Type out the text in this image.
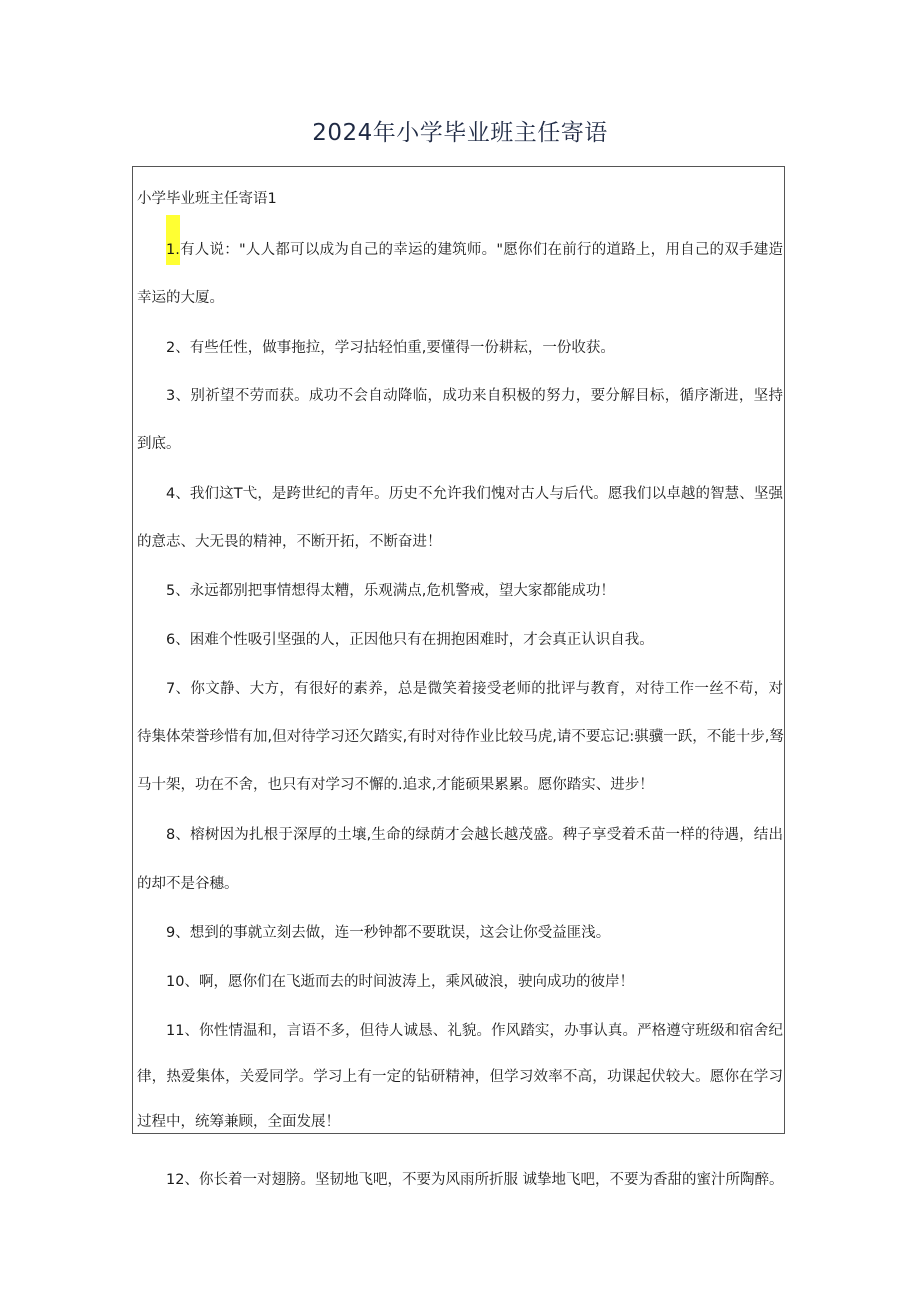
2024年小学毕业班主任寄语
小学毕业班主任寄语1
1.有人说："人人都可以成为自己的幸运的建筑师。"愿你们在前行的道路上，用自己的双手建造
幸运的大厦。
2、有些任性，做事拖拉，学习拈轻怕重,要懂得一份耕耘，一份收获。
3、别祈望不劳而获。成功不会自动降临，成功来自积极的努力，要分解目标，循序渐进，坚持
到底。
4、我们这T弋，是跨世纪的青年。历史不允许我们愧对古人与后代。愿我们以卓越的智慧、坚强
的意志、大无畏的精神，不断开拓，不断奋进！
5、永远都别把事情想得太糟，乐观满点,危机警戒，望大家都能成功！
6、困难个性吸引坚强的人，正因他只有在拥抱困难时，才会真正认识自我。
7、你文静、大方，有很好的素养，总是微笑着接受老师的批评与教育，对待工作一丝不苟，对
待集体荣誉珍惜有加,但对待学习还欠踏实,有时对待作业比较马虎,请不要忘记:骐骥一跃，不能十步,驽
马十架，功在不舍，也只有对学习不懈的.追求,才能硕果累累。愿你踏实、进步！
8、榕树因为扎根于深厚的土壤,生命的绿荫才会越长越茂盛。稗子享受着禾苗一样的待遇，结出
的却不是谷穗。
9、想到的事就立刻去做，连一秒钟都不要耽误，这会让你受益匪浅。
10、啊，愿你们在飞逝而去的时间波涛上，乘风破浪，驶向成功的彼岸！
11、你性情温和，言语不多，但待人诚恳、礼貌。作风踏实，办事认真。严格遵守班级和宿舍纪
律，热爱集体，关爱同学。学习上有一定的钻研精神，但学习效率不高，功课起伏较大。愿你在学习
过程中，统筹兼顾，全面发展！
12、你长着一对翅膀。坚韧地飞吧，不要为风雨所折服 诚挚地飞吧，不要为香甜的蜜汁所陶醉。
